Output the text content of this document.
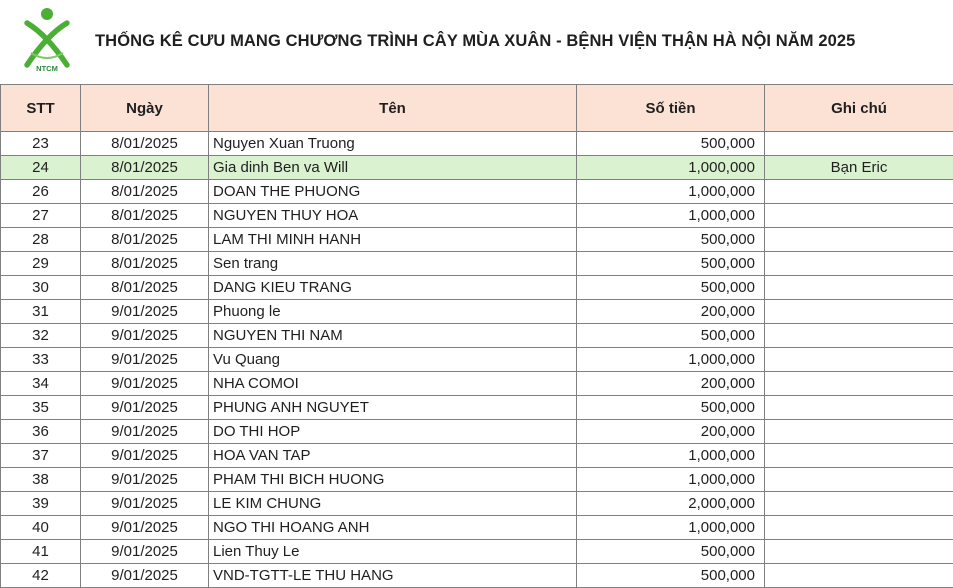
NTCM
THỐNG KÊ CƯU MANG CHƯƠNG TRÌNH CÂY MÙA XUÂN - BỆNH VIỆN THẬN HÀ NỘI NĂM 2025
STT	Ngày	Tên	Số tiền	Ghi chú
23	8/01/2025	Nguyen Xuan Truong	500,000	
24	8/01/2025	Gia dinh Ben va Will	1,000,000	Bạn Eric
26	8/01/2025	DOAN THE PHUONG	1,000,000	
27	8/01/2025	NGUYEN THUY HOA	1,000,000	
28	8/01/2025	LAM THI MINH HANH	500,000	
29	8/01/2025	Sen trang	500,000	
30	8/01/2025	DANG KIEU TRANG	500,000	
31	9/01/2025	Phuong le	200,000	
32	9/01/2025	NGUYEN THI NAM	500,000	
33	9/01/2025	Vu Quang	1,000,000	
34	9/01/2025	NHA COMOI	200,000	
35	9/01/2025	PHUNG ANH NGUYET	500,000	
36	9/01/2025	DO THI HOP	200,000	
37	9/01/2025	HOA VAN TAP	1,000,000	
38	9/01/2025	PHAM THI BICH HUONG	1,000,000	
39	9/01/2025	LE KIM CHUNG	2,000,000	
40	9/01/2025	NGO THI HOANG ANH	1,000,000	
41	9/01/2025	Lien Thuy Le	500,000	
42	9/01/2025	VND-TGTT-LE THU HANG	500,000	
